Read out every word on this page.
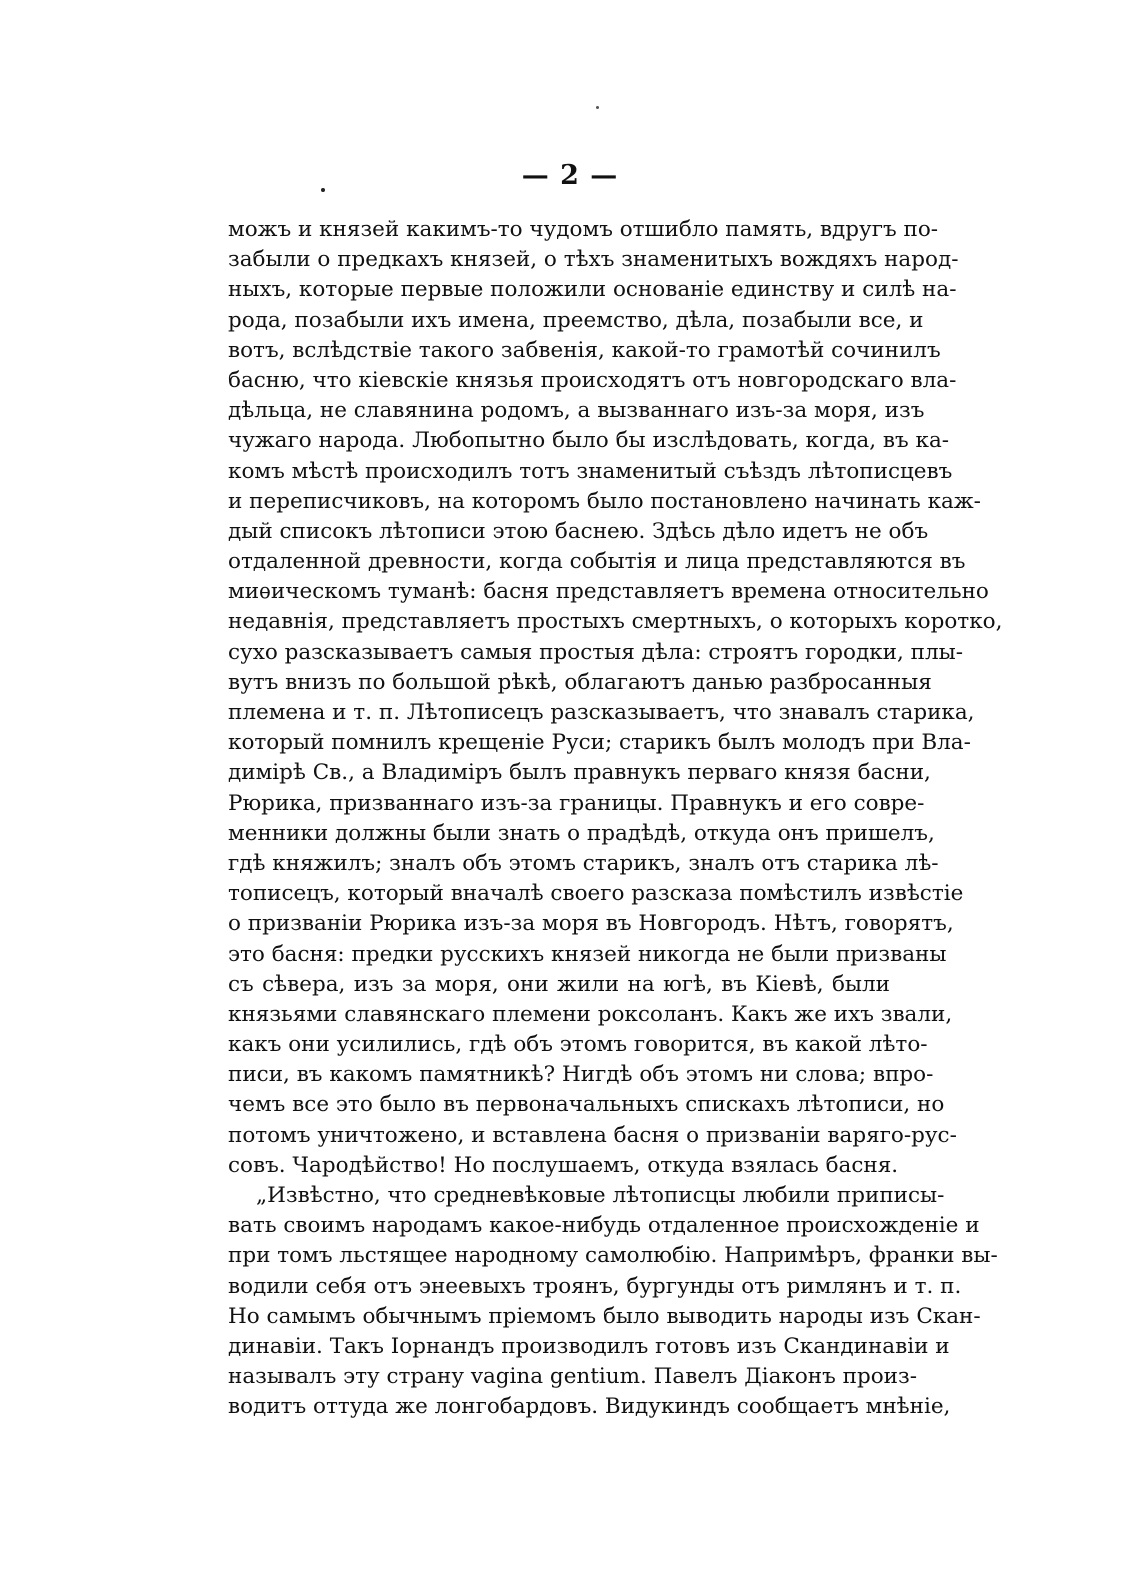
— 2 —
можъ и князей какимъ-то чудомъ отшибло память, вдругъ по-
забыли о предкахъ князей, о тѣхъ знаменитыхъ вождяхъ народ-
ныхъ, которые первые положили основанiе единству и силѣ на-
рода, позабыли ихъ имена, преемство, дѣла, позабыли все, и
вотъ, вслѣдствiе такого забвенiя, какой-то грамотѣй сочинилъ
басню, что кiевскiе князья происходятъ отъ новгородскаго вла-
дѣльца, не славянина родомъ, а вызваннаго изъ-за моря, изъ
чужаго народа. Любопытно было бы изслѣдовать, когда, въ ка-
комъ мѣстѣ происходилъ тотъ знаменитый съѣздъ лѣтописцевъ
и переписчиковъ, на которомъ было постановлено начинать каж-
дый списокъ лѣтописи этою баснею. Здѣсь дѣло идетъ не объ
отдаленной древности, когда событiя и лица представляются въ
миѳическомъ туманѣ: басня представляетъ времена относительно
недавнiя, представляетъ простыхъ смертныхъ, о которыхъ коротко,
сухо разсказываетъ самыя простыя дѣла: строятъ городки, плы-
вутъ внизъ по большой рѣкѣ, облагаютъ данью разбросанныя
племена и т. п. Лѣтописецъ разсказываетъ, что знавалъ старика,
который помнилъ крещенiе Руси; старикъ былъ молодъ при Вла-
димiрѣ Св., а Владимiръ былъ правнукъ перваго князя басни,
Рюрика, призваннаго изъ-за границы. Правнукъ и его совре-
менники должны были знать о прадѣдѣ, откуда онъ пришелъ,
гдѣ княжилъ; зналъ объ этомъ старикъ, зналъ отъ старика лѣ-
тописецъ, который вначалѣ своего разсказа помѣстилъ извѣстiе
о призванiи Рюрика изъ-за моря въ Новгородъ. Нѣтъ, говорятъ,
это басня: предки русскихъ князей никогда не были призваны
съ сѣвера, изъ за моря, они жили на югѣ, въ Кiевѣ, были
князьями славянскаго племени роксоланъ. Какъ же ихъ звали,
какъ они усилились, гдѣ объ этомъ говорится, въ какой лѣто-
писи, въ какомъ памятникѣ? Нигдѣ объ этомъ ни слова; впро-
чемъ все это было въ первоначальныхъ спискахъ лѣтописи, но
потомъ уничтожено, и вставлена басня о призванiи варяго-рус-
совъ. Чародѣйство! Но послушаемъ, откуда взялась басня.
„Извѣстно, что средневѣковые лѣтописцы любили приписы-
вать своимъ народамъ какое-нибудь отдаленное происхожденiе и
при томъ льстящее народному самолюбiю. Напримѣръ, франки вы-
водили себя отъ энеевыхъ троянъ, бургунды отъ римлянъ и т. п.
Но самымъ обычнымъ прiемомъ было выводить народы изъ Скан-
динавiи. Такъ Iорнандъ производилъ готовъ изъ Скандинавiи и
называлъ эту страну vagina gentium. Павелъ Дiаконъ произ-
водитъ оттуда же лонгобардовъ. Видукиндъ сообщаетъ мнѣнiе,
